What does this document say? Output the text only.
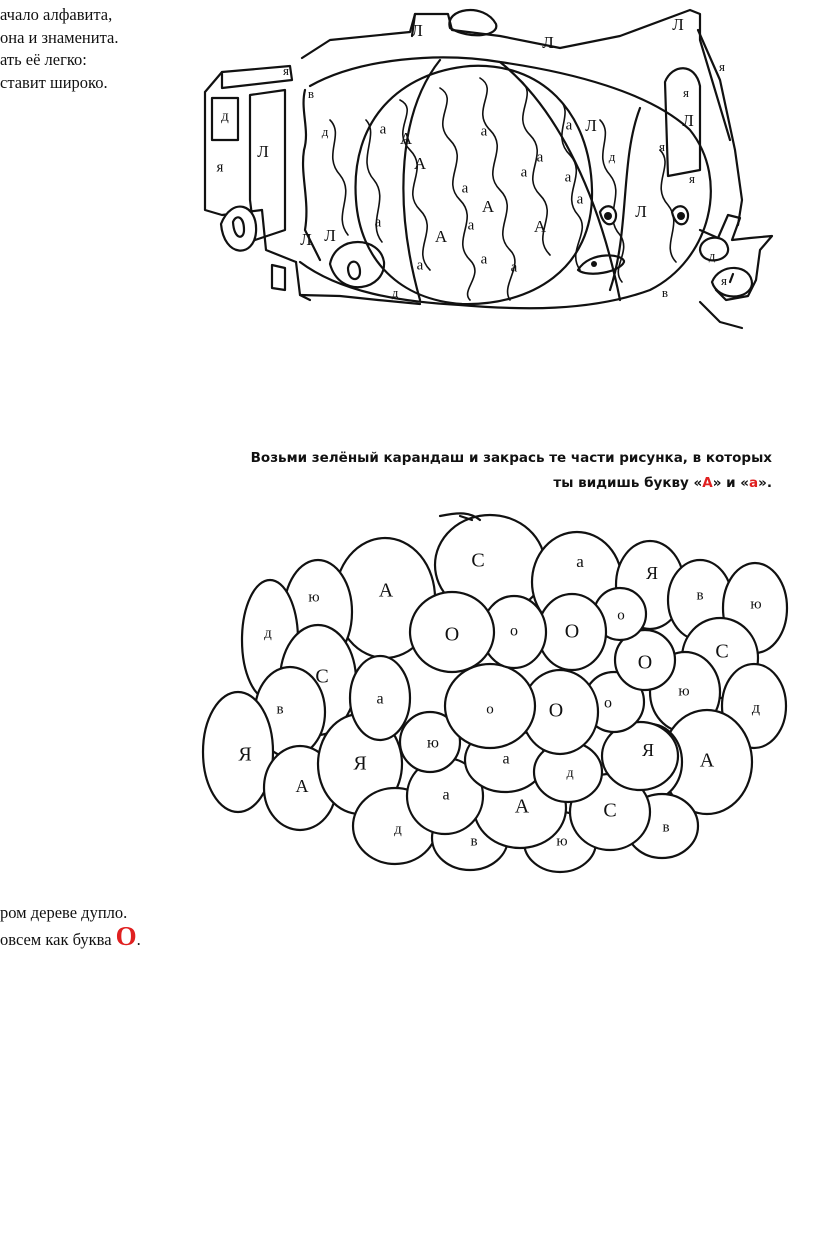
ачало алфавита,
она и знаменита.
ать её легко:
ставит широко.
Возьми зелёный карандаш и закрась те части рисунка, в которых
ты видишь букву «А» и «а».
ром дереве дупло.
овсем как буква О.
Л
Л
Л
я	я
в	я
д
д
я
Л
а	а
А
а
а
Л
я
Л
А	а а
д
а
я
А	а
А
а
Л Л	А
а
а	а
д	в
д
я
а
Л
С	а
А
ю
Я
в
ю
д	О	о О
о
С
С
О
ю
а
в	о	О	о	д
Я	Я
ю
а
д
Я А
А	а
А	С
д
в	ю
в
